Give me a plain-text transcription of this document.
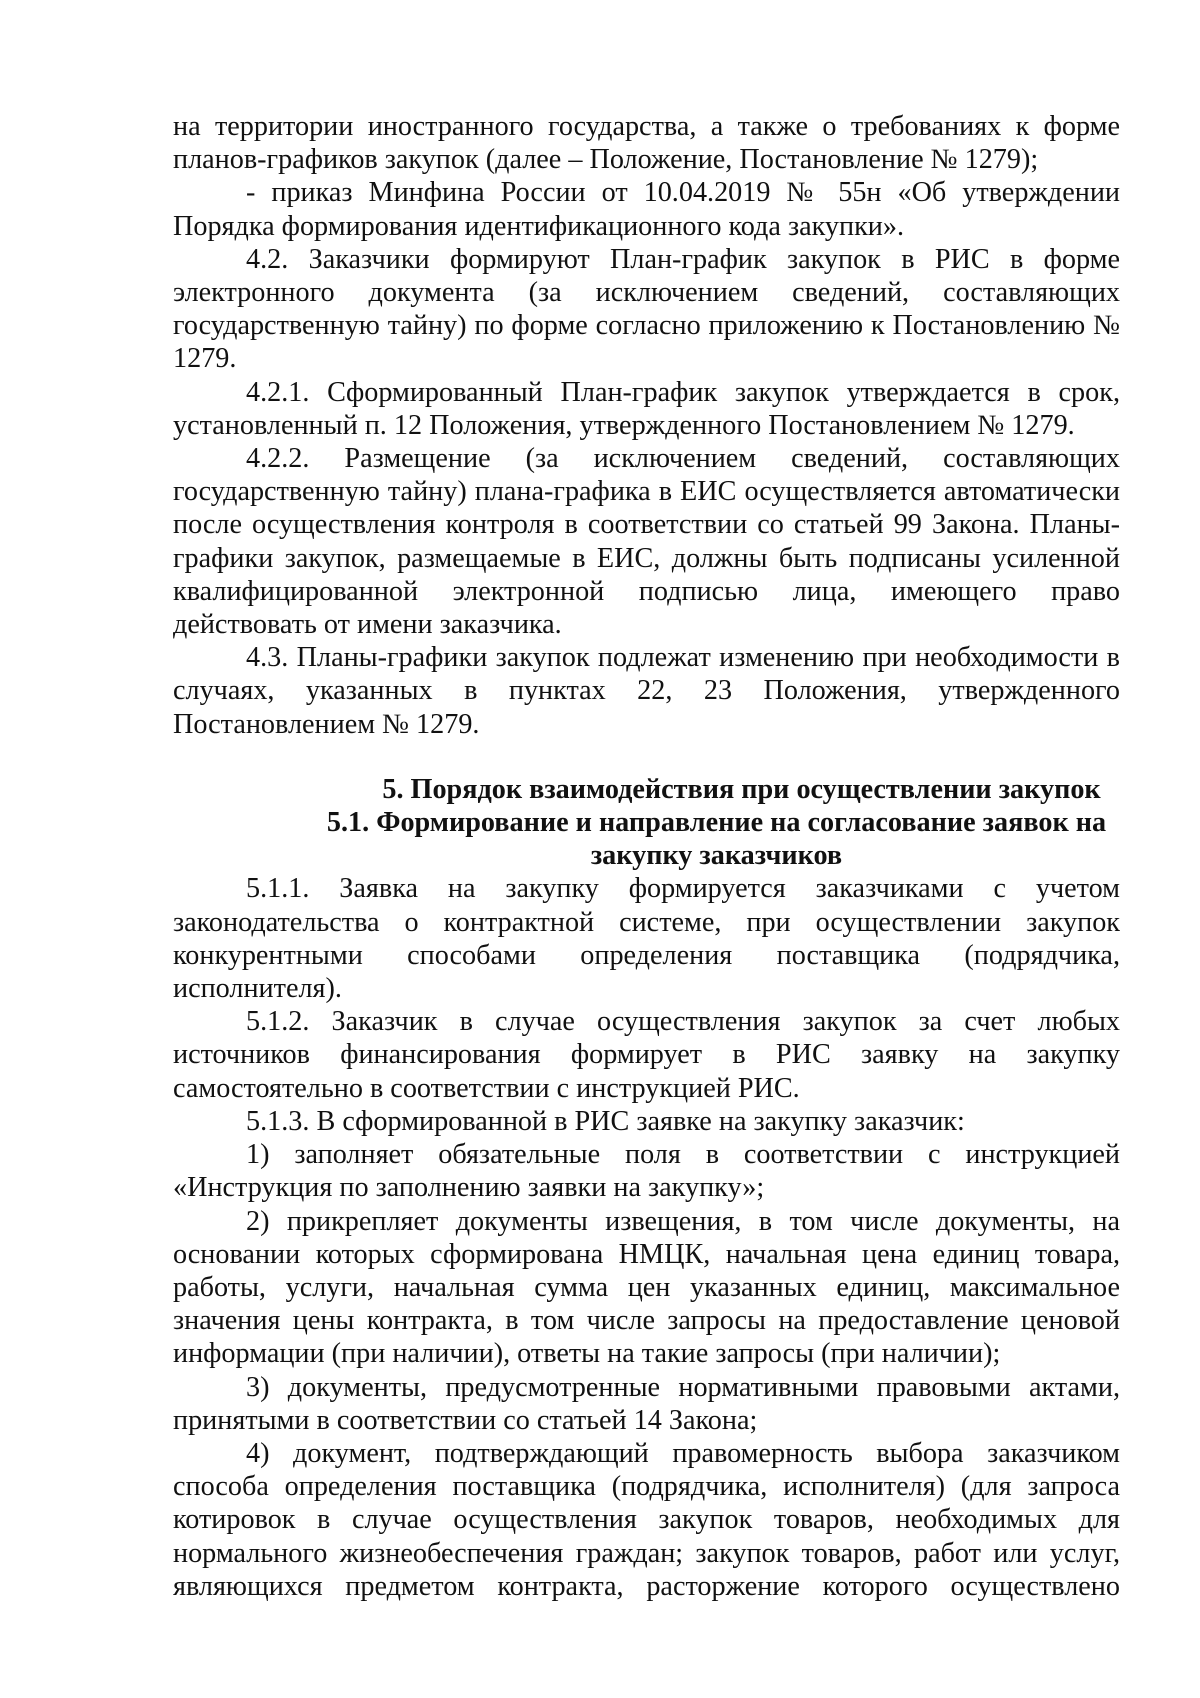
на территории иностранного государства, а также о требованиях к форме планов-графиков закупок (далее – Положение, Постановление № 1279);

- приказ Минфина России от 10.04.2019 № 55н «Об утверждении Порядка формирования идентификационного кода закупки».

4.2. Заказчики формируют План-график закупок в РИС в форме электронного документа (за исключением сведений, составляющих государственную тайну) по форме согласно приложению к Постановлению № 1279.

4.2.1. Сформированный План-график закупок утверждается в срок, установленный п. 12 Положения, утвержденного Постановлением № 1279.

4.2.2. Размещение (за исключением сведений, составляющих государственную тайну) плана-графика в ЕИС осуществляется автоматически после осуществления контроля в соответствии со статьей 99 Закона. Планы-графики закупок, размещаемые в ЕИС, должны быть подписаны усиленной квалифицированной электронной подписью лица, имеющего право действовать от имени заказчика.

4.3. Планы-графики закупок подлежат изменению при необходимости в случаях, указанных в пунктах 22, 23 Положения, утвержденного Постановлением № 1279.

5. Порядок взаимодействия при осуществлении закупок

5.1. Формирование и направление на согласование заявок на закупку заказчиков

5.1.1. Заявка на закупку формируется заказчиками с учетом законодательства о контрактной системе, при осуществлении закупок конкурентными способами определения поставщика (подрядчика, исполнителя).

5.1.2. Заказчик в случае осуществления закупок за счет любых источников финансирования формирует в РИС заявку на закупку самостоятельно в соответствии с инструкцией РИС.

5.1.3. В сформированной в РИС заявке на закупку заказчик:

1) заполняет обязательные поля в соответствии с инструкцией «Инструкция по заполнению заявки на закупку»;

2) прикрепляет документы извещения, в том числе документы, на основании которых сформирована НМЦК, начальная цена единиц товара, работы, услуги, начальная сумма цен указанных единиц, максимальное значения цены контракта, в том числе запросы на предоставление ценовой информации (при наличии), ответы на такие запросы (при наличии);

3) документы, предусмотренные нормативными правовыми актами, принятыми в соответствии со статьей 14 Закона;

4) документ, подтверждающий правомерность выбора заказчиком способа определения поставщика (подрядчика, исполнителя) (для запроса котировок в случае осуществления закупок товаров, необходимых для нормального жизнеобеспечения граждан; закупок товаров, работ или услуг, являющихся предметом контракта, расторжение которого осуществлено
